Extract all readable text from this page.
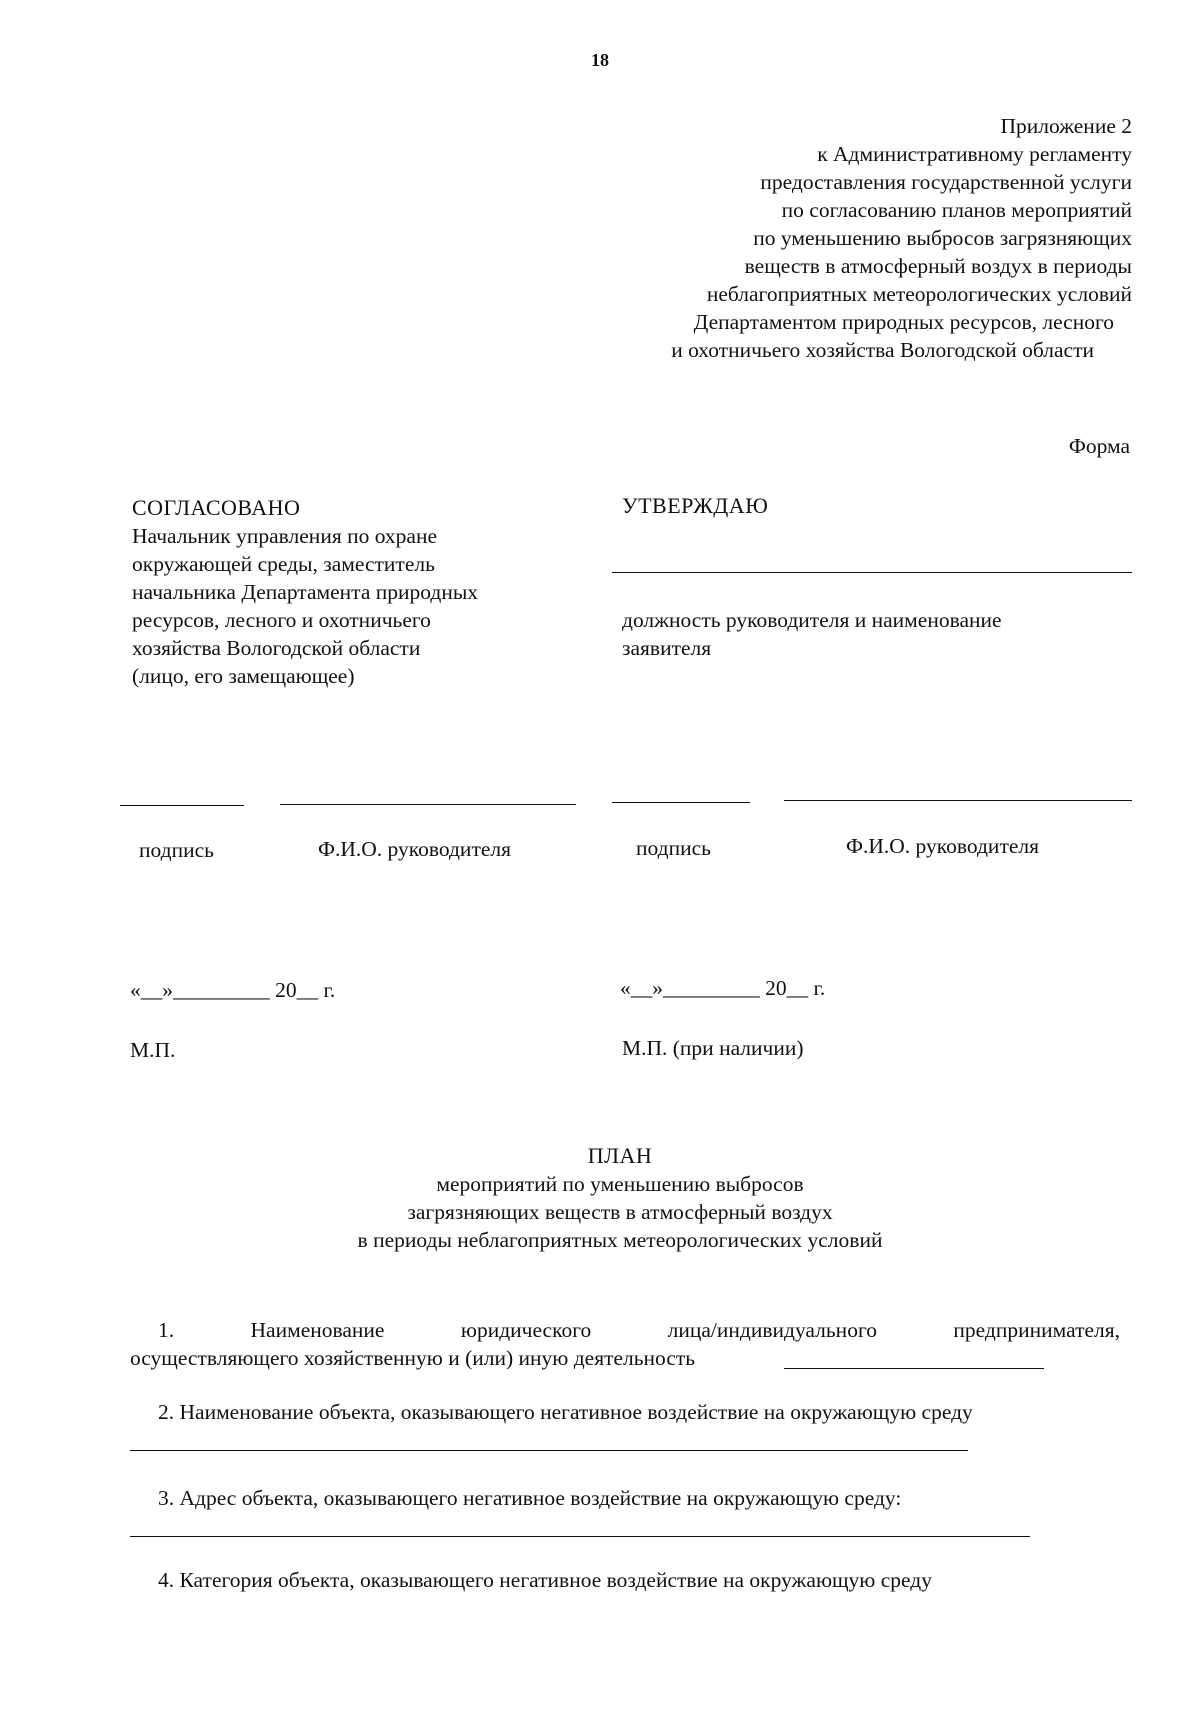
18
Приложение 2
к Административному регламенту
предоставления государственной услуги
по согласованию планов мероприятий
по уменьшению выбросов загрязняющих
веществ в атмосферный воздух в периоды
неблагоприятных метеорологических условий
Департаментом природных ресурсов, лесного
и охотничьего хозяйства Вологодской области
Форма
СОГЛАСОВАНО
Начальник управления по охране
окружающей среды, заместитель
начальника Департамента природных
ресурсов, лесного и охотничьего
хозяйства Вологодской области
(лицо, его замещающее)
УТВЕРЖДАЮ
должность руководителя и наименование
заявителя
подпись	Ф.И.О. руководителя	подпись	Ф.И.О. руководителя
«__»_________ 20__ г.	«__»_________ 20__ г.
М.П.	М.П. (при наличии)
ПЛАН
мероприятий по уменьшению выбросов
загрязняющих веществ в атмосферный воздух
в периоды неблагоприятных метеорологических условий
1.	Наименование	юридического	лица/индивидуального	предпринимателя,
осуществляющего хозяйственную и (или) иную деятельность
2. Наименование объекта, оказывающего негативное воздействие на окружающую среду
3. Адрес объекта, оказывающего негативное воздействие на окружающую среду:
4. Категория объекта, оказывающего негативное воздействие на окружающую среду
